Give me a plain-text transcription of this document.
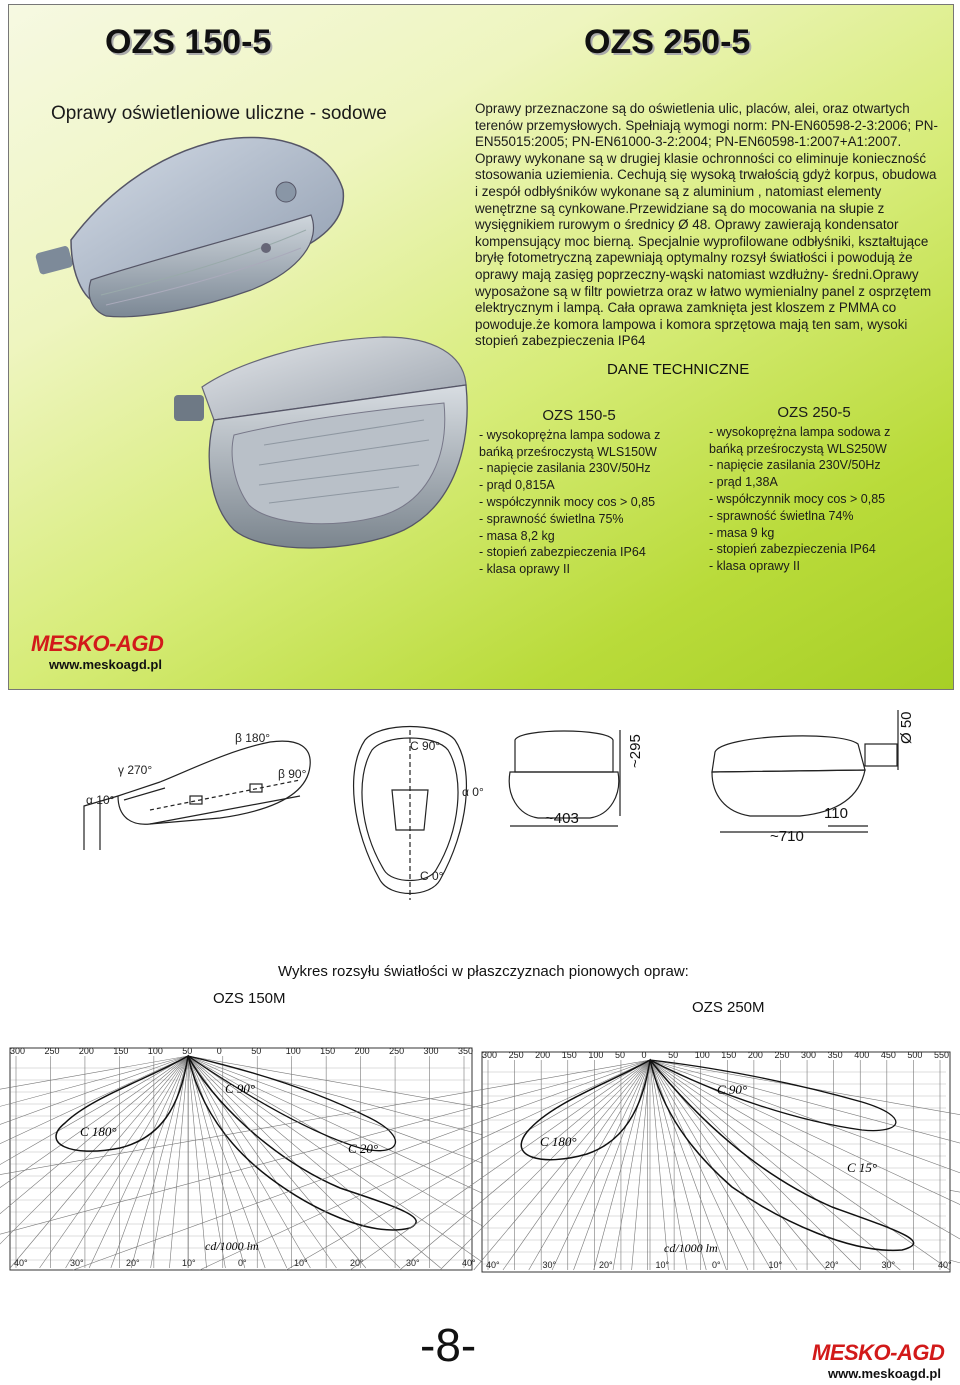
OZS 150-5	OZS 250-5
Oprawy oświetleniowe uliczne - sodowe	Oprawy przeznaczone są do oświetlenia ulic, placów, alei, oraz otwartych terenów przemysłowych. Spełniają wymogi norm: PN-EN60598-2-3:2006; PN-EN55015:2005; PN-EN61000-3-2:2004; PN-EN60598-1:2007+A1:2007. Oprawy wykonane są w drugiej klasie ochronności co eliminuje konieczność stosowania uziemienia. Cechują się wysoką trwałością gdyż korpus, obudowa i zespół odbłyśników wykonane są z aluminium , natomiast elementy wenętrzne są cynkowane.Przewidziane są do mocowania na słupie z wysięgnikiem rurowym o średnicy Ø 48. Oprawy zawierają kondensator kompensujący moc bierną. Specjalnie wyprofilowane odbłyśniki, kształtujące bryłę fotometryczną zapewniają optymalny rozsył światłości i powodują że oprawy mają zasięg poprzeczny-wąski natomiast wzdłużny- średni.Oprawy wyposażone są w filtr powietrza oraz w łatwo wymienialny panel z osprzętem elektrycznym i lampą. Cała oprawa zamknięta jest kloszem z PMMA co powoduje.że komora lampowa i komora sprzętowa mają ten sam, wysoki stopień zabezpieczenia IP64

DANE TECHNICZNE
OZS 150-5
- wysokoprężna lampa sodowa z
bańką prześroczystą WLS150W
- napięcie zasilania 230V/50Hz
- prąd 0,815A
- współczynnik mocy cos > 0,85
- sprawność świetlna 75%
- masa 8,2 kg
- stopień zabezpieczenia IP64
- klasa oprawy II
OZS 250-5
- wysokoprężna lampa sodowa z
bańką prześroczystą WLS250W
- napięcie zasilania 230V/50Hz
- prąd 1,38A
- współczynnik mocy cos > 0,85
- sprawność świetlna 74%
- masa 9 kg
- stopień zabezpieczenia IP64
- klasa oprawy II
MESKO-AGD
www.meskoagd.pl
β 180°
γ 270°	β 90°
α 10°
α 0°
C 90°
C 0°
~403
~295
~710
110
Ø 50
Wykres rozsyłu światłości w płaszczyznach pionowych opraw:
OZS 150M
OZS 250M
C 180°
C 90°
C 20°
cd/1000 lm
300 250 200 150 100 50	0	50	100 150 200 250 300 350
40°	30°	20°	10°	0°	10°	20°	30°	40°
C 180°
C 90°
C 15°
cd/1000 lm
300 250 200 150 100 50 0 50 100 150 200 250 300 350 400 450 500 550
40°	30°	20°	10°	0°	10°	20°	30°	40°
-8-	MESKO-AGD
www.meskoagd.pl
